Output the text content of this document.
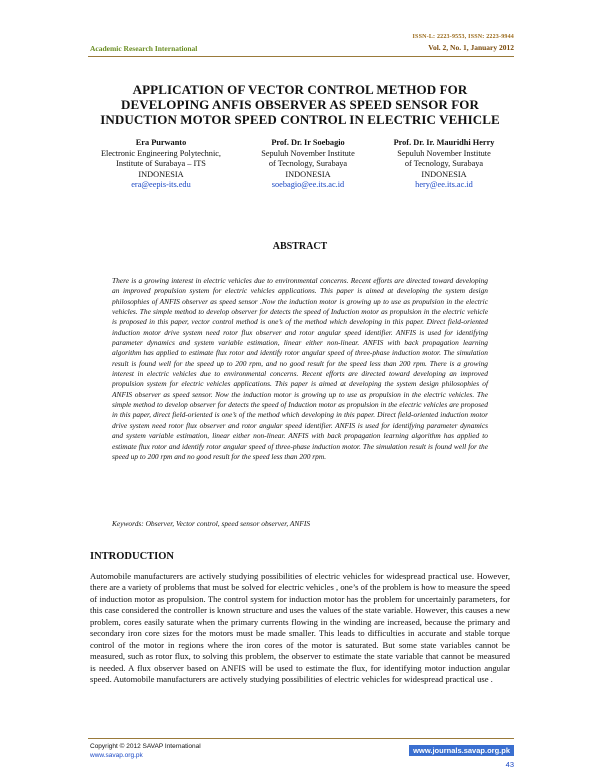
Academic Research International
ISSN-L: 2223-9553, ISSN: 2223-9944
Vol. 2, No. 1, January 2012
APPLICATION OF VECTOR CONTROL METHOD FOR
DEVELOPING ANFIS OBSERVER AS SPEED SENSOR FOR
INDUCTION MOTOR SPEED CONTROL IN ELECTRIC VEHICLE
Era Purwanto
Electronic Engineering Polytechnic,
Institute of Surabaya – ITS
INDONESIA
era@eepis-its.edu
Prof. Dr. Ir Soebagio
Sepuluh November Institute
of Tecnology, Surabaya
INDONESIA
soebagio@ee.its.ac.id
Prof. Dr. Ir. Mauridhi Herry
Sepuluh November Institute
of Tecnology, Surabaya
INDONESIA
hery@ee.its.ac.id
ABSTRACT
There is a growing interest in electric vehicles due to environmental concerns. Recent efforts are directed toward developing an improved propulsion system for electric vehicles applications. This paper is aimed at developing the system design philosophies of ANFIS observer as speed sensor .Now the induction motor is growing up to use as propulsion in the electric vehicles. The simple method to develop observer for detects the speed of Induction motor as propulsion in the electric vehicle is proposed in this paper, vector control method is one’s of the method which developing in this paper. Direct field-oriented induction motor drive system need rotor flux observer and rotor angular speed identifier. ANFIS is used for identifying parameter dynamics and system variable estimation, linear either non-linear. ANFIS with back propagation learning algorithm has applied to estimate flux rotor and identify rotor angular speed of three-phase induction motor. The simulation result is found well for the speed up to 200 rpm, and no good result for the speed less than 200 rpm. There is a growing interest in electric vehicles due to environmental concerns. Recent efforts are directed toward developing an improved propulsion system for electric vehicles applications. This paper is aimed at developing the system design philosophies of ANFIS observer as speed sensor. Now the induction motor is growing up to use as propulsion in the electric vehicles. The simple method to develop observer for detects the speed of Induction motor as propulsion in the electric vehicles are proposed in this paper, direct field-oriented is one’s of the method which developing in this paper. Direct field-oriented induction motor drive system need rotor flux observer and rotor angular speed identifier. ANFIS is used for identifying parameter dynamics and system variable estimation, linear either non-linear. ANFIS with back propagation learning algorithm has applied to estimate flux rotor and identify rotor angular speed of three-phase induction motor. The simulation result is found well for the speed up to 200 rpm and no good result for the speed less than 200 rpm.
Keywords: Observer, Vector control, speed sensor observer, ANFIS
INTRODUCTION
Automobile manufacturers are actively studying possibilities of electric vehicles for widespread practical use. However, there are a variety of problems that must be solved for electric vehicles , one’s of the problem is how to measure the speed of induction motor as propulsion. The control system for induction motor has the problem for uncertainly parameters, for this case considered the controller is known structure and uses the values of the state variable. However, this causes a new problem, cores easily saturate when the primary currents flowing in the winding are increased, because the primary and secondary iron core sizes for the motors must be made smaller. This leads to difficulties in accurate and stable torque control of the motor in regions where the iron cores of the motor is saturated. But some state variables cannot be measured, such as rotor flux, to solving this problem, the observer to estimate the state variable that cannot be measured is needed. A flux observer based on ANFIS will be used to estimate the flux, for identifying motor induction angular speed. Automobile manufacturers are actively studying possibilities of electric vehicles for widespread practical use .
Copyright © 2012 SAVAP International
www.savap.org.pk
www.journals.savap.org.pk
43
